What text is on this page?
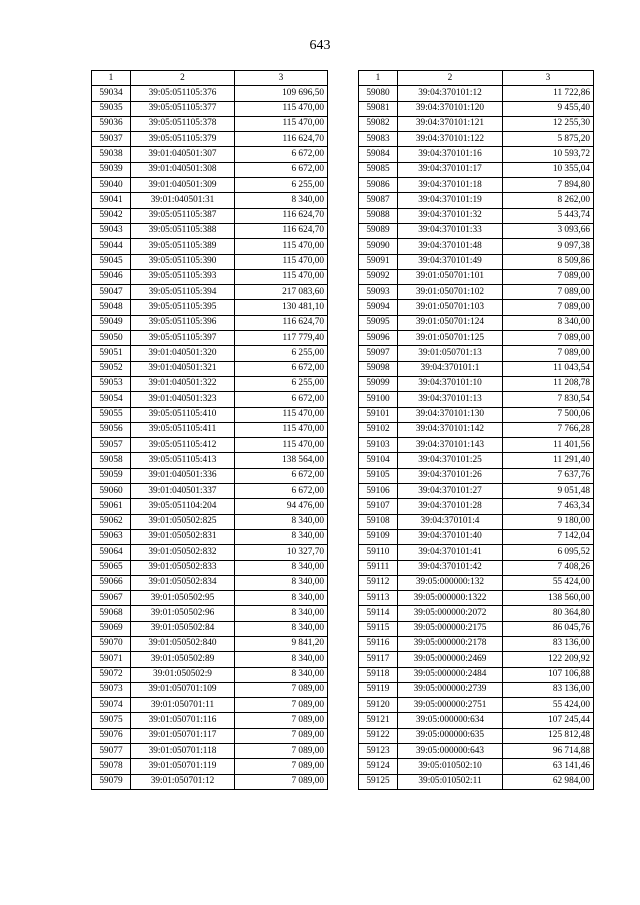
643
1	2	3
59034	39:05:051105:376	109 696,50
59035	39:05:051105:377	115 470,00
59036	39:05:051105:378	115 470,00
59037	39:05:051105:379	116 624,70
59038	39:01:040501:307	6 672,00
59039	39:01:040501:308	6 672,00
59040	39:01:040501:309	6 255,00
59041	39:01:040501:31	8 340,00
59042	39:05:051105:387	116 624,70
59043	39:05:051105:388	116 624,70
59044	39:05:051105:389	115 470,00
59045	39:05:051105:390	115 470,00
59046	39:05:051105:393	115 470,00
59047	39:05:051105:394	217 083,60
59048	39:05:051105:395	130 481,10
59049	39:05:051105:396	116 624,70
59050	39:05:051105:397	117 779,40
59051	39:01:040501:320	6 255,00
59052	39:01:040501:321	6 672,00
59053	39:01:040501:322	6 255,00
59054	39:01:040501:323	6 672,00
59055	39:05:051105:410	115 470,00
59056	39:05:051105:411	115 470,00
59057	39:05:051105:412	115 470,00
59058	39:05:051105:413	138 564,00
59059	39:01:040501:336	6 672,00
59060	39:01:040501:337	6 672,00
59061	39:05:051104:204	94 476,00
59062	39:01:050502:825	8 340,00
59063	39:01:050502:831	8 340,00
59064	39:01:050502:832	10 327,70
59065	39:01:050502:833	8 340,00
59066	39:01:050502:834	8 340,00
59067	39:01:050502:95	8 340,00
59068	39:01:050502:96	8 340,00
59069	39:01:050502:84	8 340,00
59070	39:01:050502:840	9 841,20
59071	39:01:050502:89	8 340,00
59072	39:01:050502:9	8 340,00
59073	39:01:050701:109	7 089,00
59074	39:01:050701:11	7 089,00
59075	39:01:050701:116	7 089,00
59076	39:01:050701:117	7 089,00
59077	39:01:050701:118	7 089,00
59078	39:01:050701:119	7 089,00
59079	39:01:050701:12	7 089,00
1	2	3
59080	39:04:370101:12	11 722,86
59081	39:04:370101:120	9 455,40
59082	39:04:370101:121	12 255,30
59083	39:04:370101:122	5 875,20
59084	39:04:370101:16	10 593,72
59085	39:04:370101:17	10 355,04
59086	39:04:370101:18	7 894,80
59087	39:04:370101:19	8 262,00
59088	39:04:370101:32	5 443,74
59089	39:04:370101:33	3 093,66
59090	39:04:370101:48	9 097,38
59091	39:04:370101:49	8 509,86
59092	39:01:050701:101	7 089,00
59093	39:01:050701:102	7 089,00
59094	39:01:050701:103	7 089,00
59095	39:01:050701:124	8 340,00
59096	39:01:050701:125	7 089,00
59097	39:01:050701:13	7 089,00
59098	39:04:370101:1	11 043,54
59099	39:04:370101:10	11 208,78
59100	39:04:370101:13	7 830,54
59101	39:04:370101:130	7 500,06
59102	39:04:370101:142	7 766,28
59103	39:04:370101:143	11 401,56
59104	39:04:370101:25	11 291,40
59105	39:04:370101:26	7 637,76
59106	39:04:370101:27	9 051,48
59107	39:04:370101:28	7 463,34
59108	39:04:370101:4	9 180,00
59109	39:04:370101:40	7 142,04
59110	39:04:370101:41	6 095,52
59111	39:04:370101:42	7 408,26
59112	39:05:000000:132	55 424,00
59113	39:05:000000:1322	138 560,00
59114	39:05:000000:2072	80 364,80
59115	39:05:000000:2175	86 045,76
59116	39:05:000000:2178	83 136,00
59117	39:05:000000:2469	122 209,92
59118	39:05:000000:2484	107 106,88
59119	39:05:000000:2739	83 136,00
59120	39:05:000000:2751	55 424,00
59121	39:05:000000:634	107 245,44
59122	39:05:000000:635	125 812,48
59123	39:05:000000:643	96 714,88
59124	39:05:010502:10	63 141,46
59125	39:05:010502:11	62 984,00
